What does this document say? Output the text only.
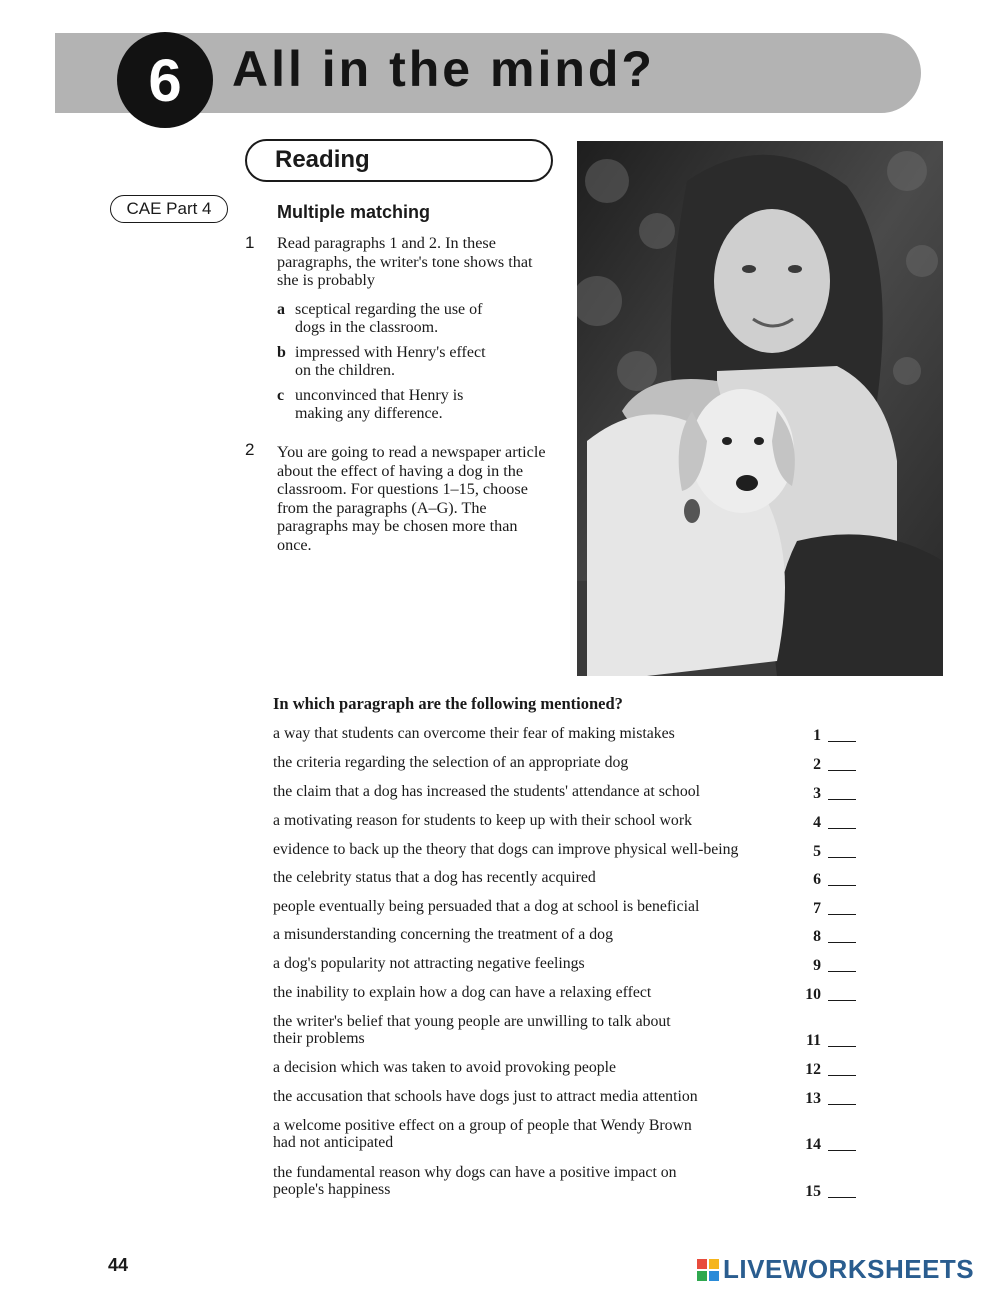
6	All in the mind?
Reading
CAE Part 4	Multiple matching
1 Read paragraphs 1 and 2. In these paragraphs, the writer's tone shows that she is probably
a sceptical regarding the use of
dogs in the classroom.
b impressed with Henry's effect
on the children.
c unconvinced that Henry is
making any difference.
2 You are going to read a newspaper article about the effect of having a dog in the classroom. For questions 1–15, choose from the paragraphs (A–G). The paragraphs may be chosen more than once.
In which paragraph are the following mentioned?
a way that students can overcome their fear of making mistakes	1
the criteria regarding the selection of an appropriate dog	2
the claim that a dog has increased the students' attendance at school	3
a motivating reason for students to keep up with their school work	4
evidence to back up the theory that dogs can improve physical well-being	5
the celebrity status that a dog has recently acquired	6
people eventually being persuaded that a dog at school is beneficial	7
a misunderstanding concerning the treatment of a dog	8
a dog's popularity not attracting negative feelings	9
the inability to explain how a dog can have a relaxing effect	10
the writer's belief that young people are unwilling to talk about
their problems	11
a decision which was taken to avoid provoking people	12
the accusation that schools have dogs just to attract media attention	13
a welcome positive effect on a group of people that Wendy Brown
had not anticipated	14
the fundamental reason why dogs can have a positive impact on
people's happiness	15
44	LIVEWORKSHEETS
